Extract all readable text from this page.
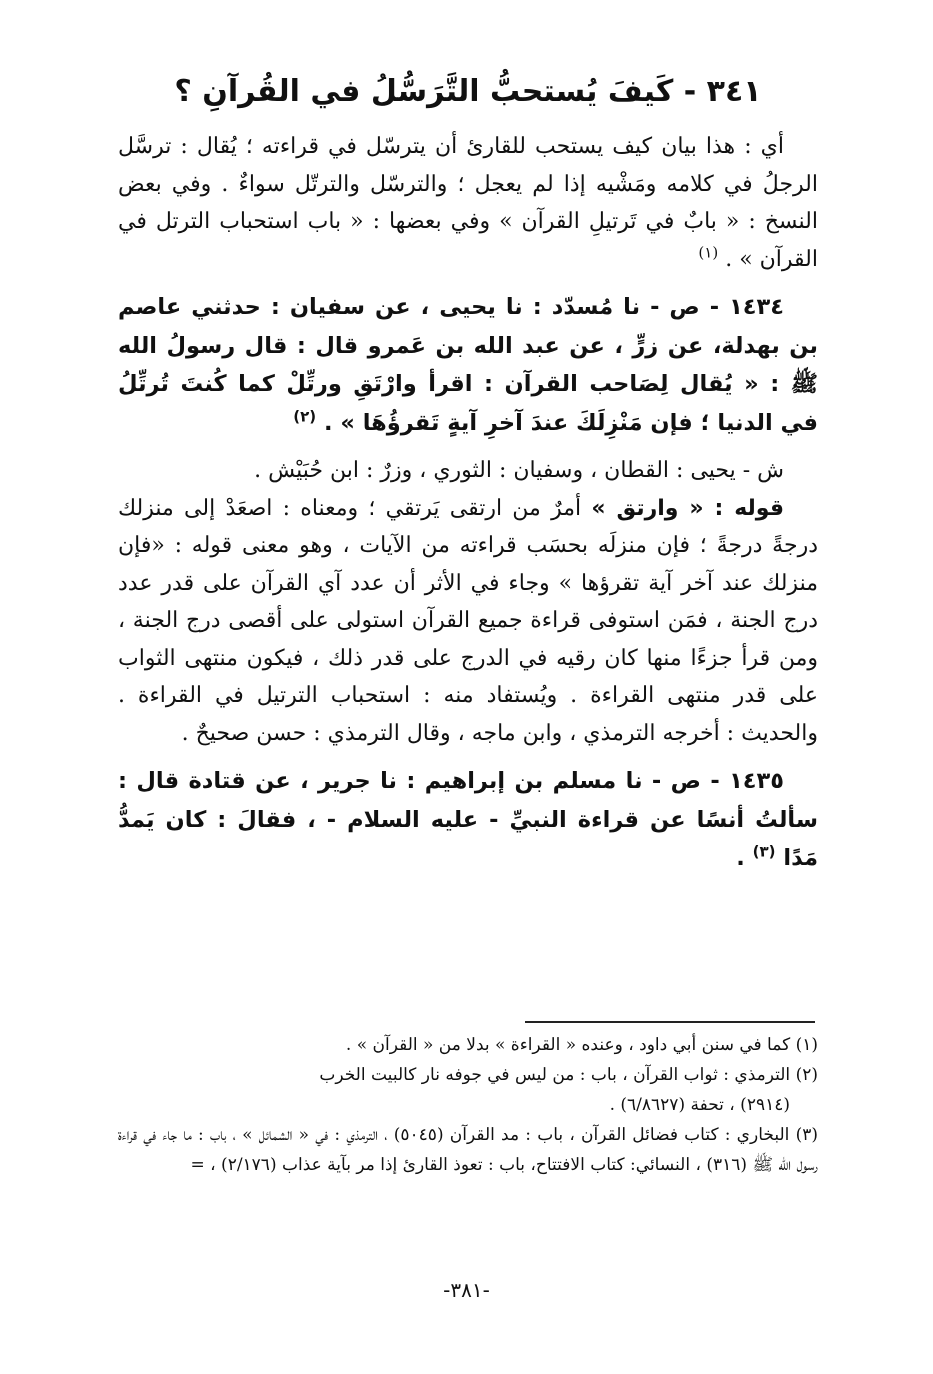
٣٤١ - كَيفَ يُستحبُّ التَّرَسُّلُ في القُرآنِ ؟

أي : هذا بيان كيف يستحب للقارئ أن يترسّل في قراءته ؛ يُقال : ترسَّل الرجلُ في كلامه ومَشْيه إذا لم يعجل ؛ والترسّل والترتّل سواءٌ . وفي بعض النسخ : « بابٌ في تَرتيلِ القرآن » وفي بعضها : « باب استحباب الترتل في القرآن » . $^{(١)}$

١٤٣٤ - ص - نا مُسدّد : نا يحيى ، عن سفيان : حدثني عاصم بن بهدلة، عن زرٍّ ، عن عبد الله بن عَمرو قال : قال رسولُ الله ﷺ : « يُقال لِصَاحب القرآن : اقرأ وارْتَقِ ورتِّلْ كما كُنتَ تُرتِّلُ في الدنيا ؛ فإن مَنْزِلَكَ عندَ آخرِ آيةٍ تَقرؤُهَا » . $^{(٢)}$

ش - يحيى : القطان ، وسفيان : الثوري ، وزرٌ : ابن حُبَيْش .

قوله : « وارتق » أمرٌ من ارتقى يَرتقي ؛ ومعناه : اصعَدْ إلى منزلك درجةً درجةً ؛ فإن منزلَه بحسَب قراءته من الآيات ، وهو معنى قوله : «فإن منزلك عند آخر آية تقرؤها » وجاء في الأثر أن عدد آي القرآن على قدر عدد درج الجنة ، فمَن استوفى قراءة جميع القرآن استولى على أقصى درج الجنة ، ومن قرأ جزءًا منها كان رقيه في الدرج على قدر ذلك ، فيكون منتهى الثواب على قدر منتهى القراءة . ويُستفاد منه : استحباب الترتيل في القراءة . والحديث : أخرجه الترمذي ، وابن ماجه ، وقال الترمذي : حسن صحيحٌ .

١٤٣٥ - ص - نا مسلم بن إبراهيم : نا جرير ، عن قتادة قال : سألتُ أنسًا عن قراءة النبيِّ - عليه السلام - ، فقالَ : كان يَمدُّ مَدًا $^{(٣)}$ .

(١) كما في سنن أبي داود ، وعنده « القراءة » بدلا من « القرآن » .

(٢) الترمذي : ثواب القرآن ، باب : من ليس في جوفه نار كالبيت الخرب
(٢٩١٤) ، تحفة (٦/٨٦٢٧) .

(٣) البخاري : كتاب فضائل القرآن ، باب : مد القرآن (٥٠٤٥) ، الترمذي : في « الشمائل » ، باب : ما جاء في قراءة رسول الله ﷺ (٣١٦) ، النسائي: كتاب الافتتاح، باب : تعوذ القارئ إذا مر بآية عذاب (٢/١٧٦) ، =

-٣٨١-
